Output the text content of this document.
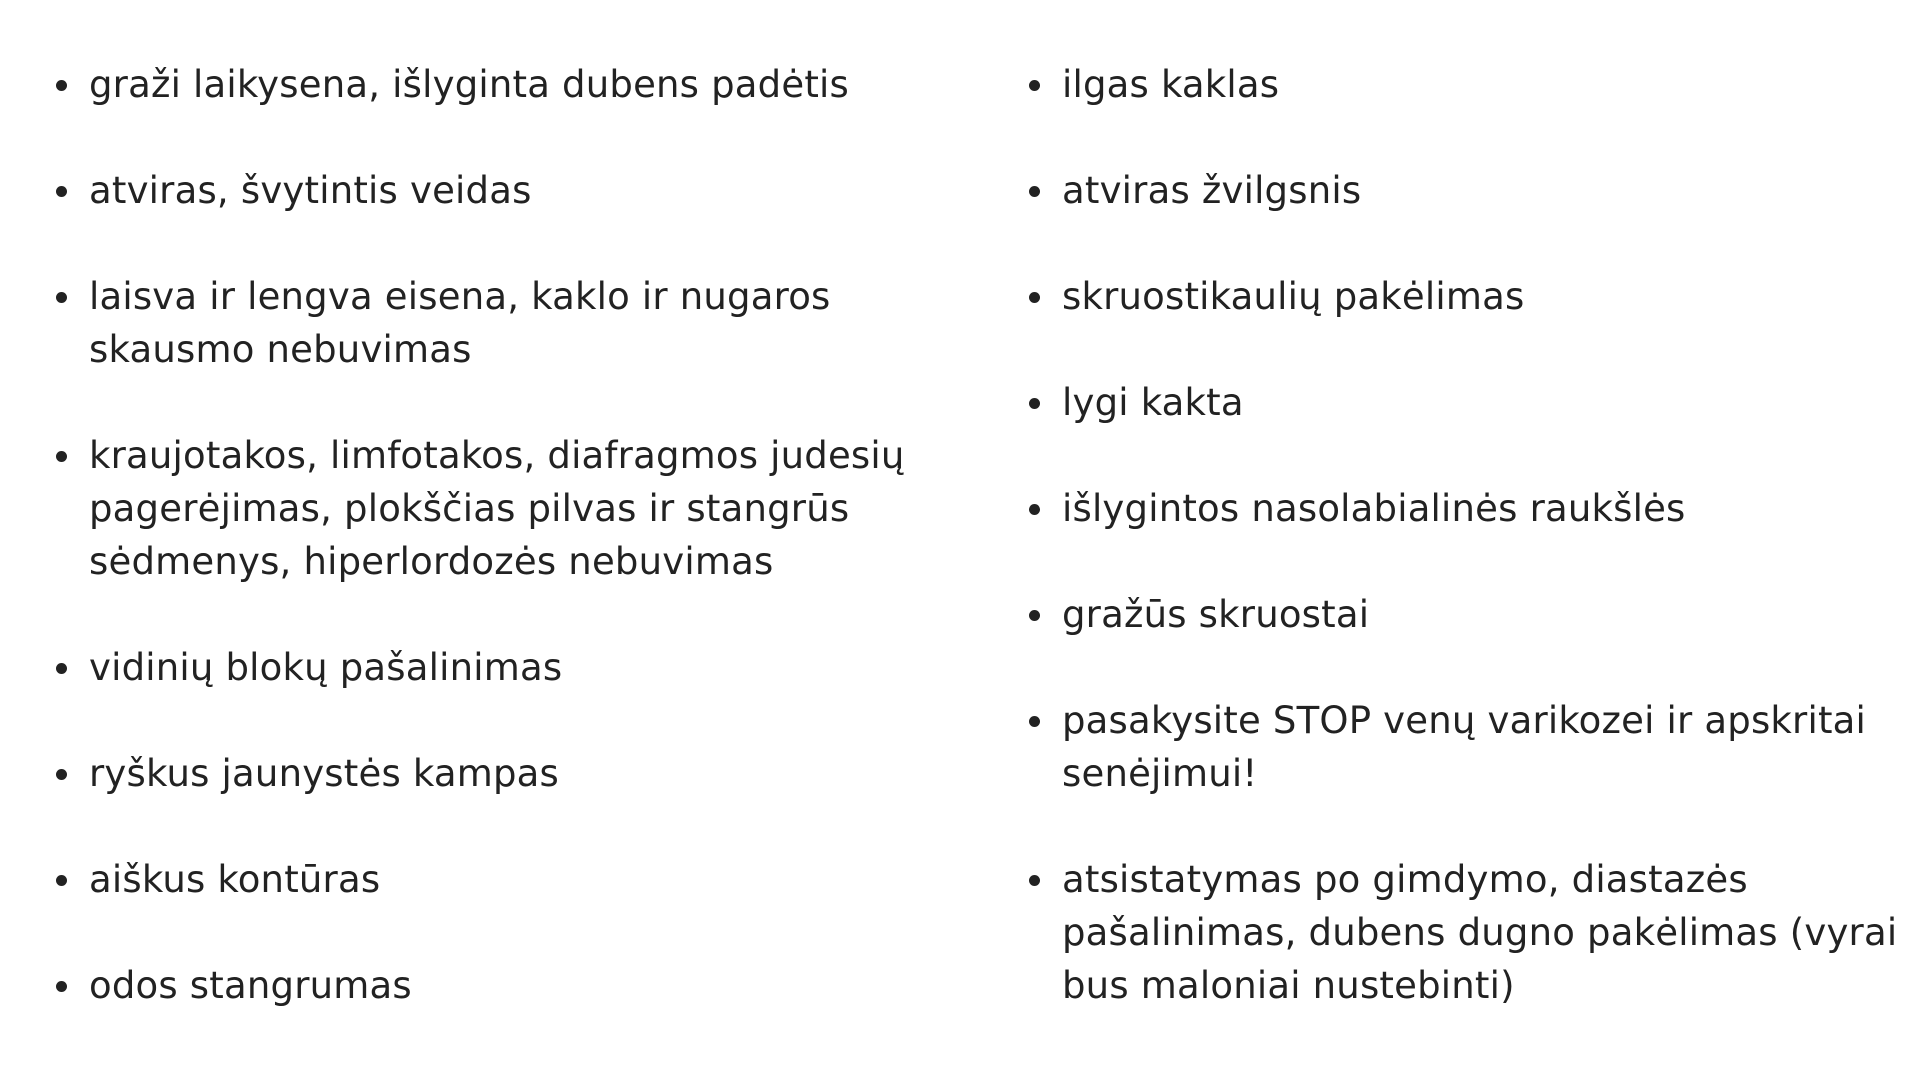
graži laikysena, išlyginta dubens padėtis
atviras, švytintis veidas
laisva ir lengva eisena, kaklo ir nugaros
skausmo nebuvimas
kraujotakos, limfotakos, diafragmos judesių
pagerėjimas, plokščias pilvas ir stangrūs
sėdmenys, hiperlordozės nebuvimas
vidinių blokų pašalinimas
ryškus jaunystės kampas
aiškus kontūras
odos stangrumas
ilgas kaklas
atviras žvilgsnis
skruostikaulių pakėlimas
lygi kakta
išlygintos nasolabialinės raukšlės
gražūs skruostai
pasakysite STOP venų varikozei ir apskritai
senėjimui!
atsistatymas po gimdymo, diastazės
pašalinimas, dubens dugno pakėlimas (vyrai
bus maloniai nustebinti)
